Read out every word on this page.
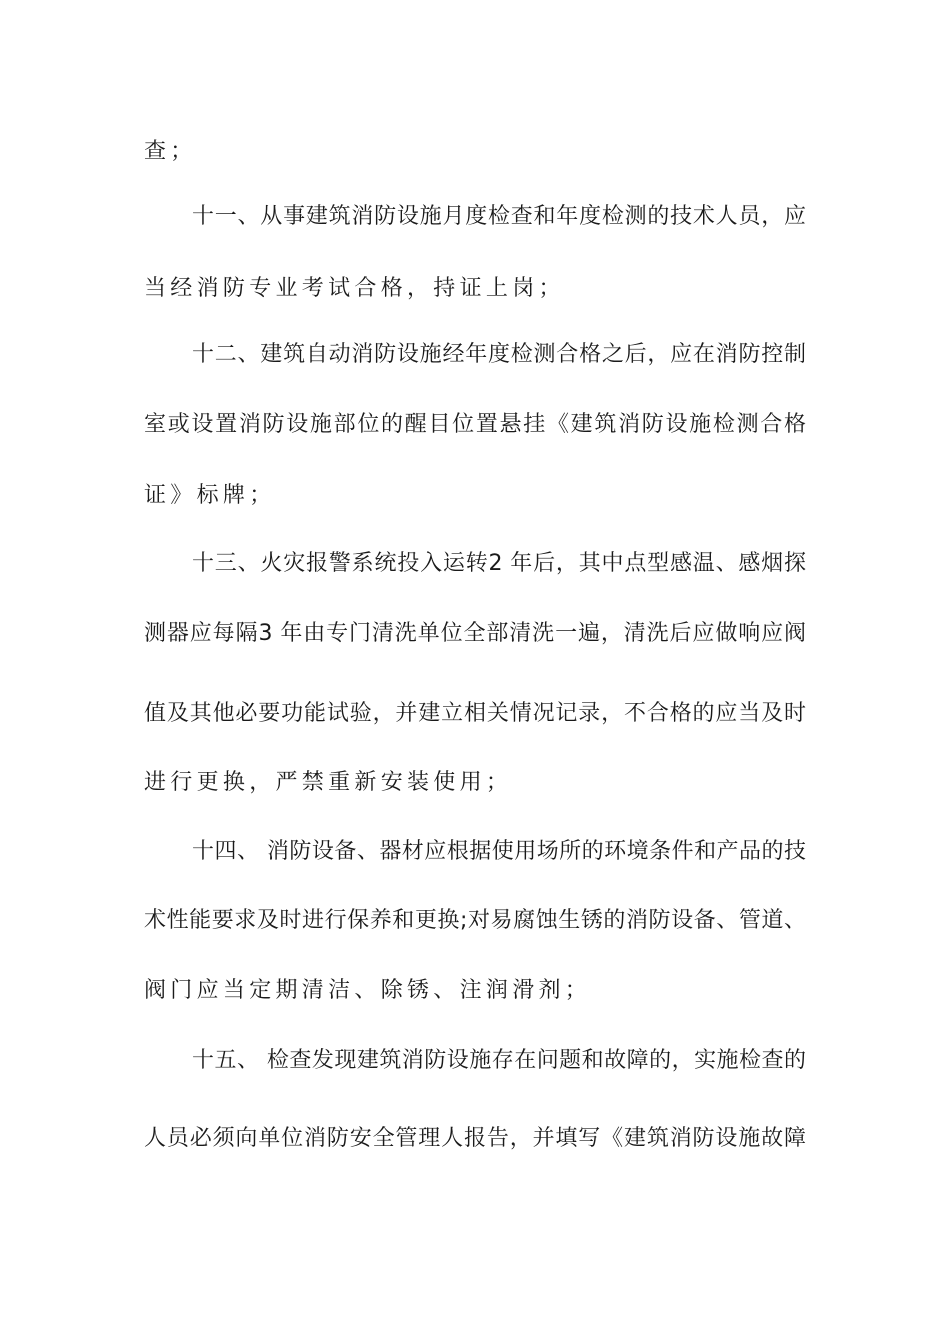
查；
十一、从事建筑消防设施月度检查和年度检测的技术人员，应
当经消防专业考试合格，持证上岗；
十二、建筑自动消防设施经年度检测合格之后，应在消防控制
室或设置消防设施部位的醒目位置悬挂《建筑消防设施检测合格
证》标牌；
十三、火灾报警系统投入运转2 年后，其中点型感温、感烟探
测器应每隔3 年由专门清洗单位全部清洗一遍，清洗后应做响应阀
值及其他必要功能试验，并建立相关情况记录，不合格的应当及时
进行更换，严禁重新安装使用；
十四、 消防设备、器材应根据使用场所的环境条件和产品的技
术性能要求及时进行保养和更换;对易腐蚀生锈的消防设备、管道、
阀门应当定期清洁、除锈、注润滑剂；
十五、 检查发现建筑消防设施存在问题和故障的，实施检查的
人员必须向单位消防安全管理人报告，并填写《建筑消防设施故障
